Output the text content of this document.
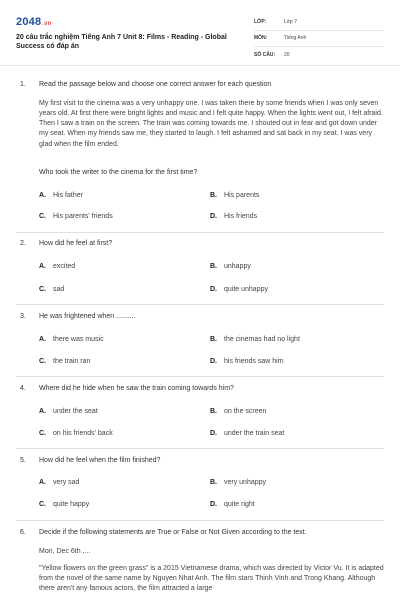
2048.vn
20 câu trắc nghiệm Tiếng Anh 7 Unit 8: Films - Reading - Global Success có đáp án
LỚP:	Lớp 7
MÔN:	Tiếng Anh
SỐ CÂU:	20
1. Read the passage below and choose one correct answer for each question
My first visit to the cinema was a very unhappy one. I was taken there by some friends when I was only seven years old. At first there were bright lights and music and I felt quite happy. When the lights went out, I felt afraid. Then I saw a train on the screen. The train was coming towards me. I shouted out in fear and got down under my seat. When my friends saw me, they started to laugh. I felt ashamed and sat back in my seat. I was very glad when the film ended.
Who took the writer to the cinema for the first time?
A.	His father	B.	His parents
C.	His parents' friends	D.	His friends
2. How did he feel at first?
A.	excited	B.	unhappy
C.	sad	D.	quite unhappy
3. He was frightened when ..........
A.	there was music	B.	the cinemas had no light
C.	the train ran	D.	his friends saw him
4. Where did he hide when he saw the train coming towards him?
A.	under the seat	B.	on the screen
C.	on his friends' back	D.	under the train seat
5. How did he feel when the film finished?
A.	very sad	B.	very unhappy
C.	quite happy	D.	quite right
6. Decide if the following statements are True or False or Not Given according to the text.
Mon, Dec 6th ,...
"Yellow flowers on the green grass" is a 2015 Vietnamese drama, which was directed by Victor Vu. It is adapted from the novel of the same name by Nguyen Nhat Anh. The film stars Thinh Vinh and Trong Khang. Although there aren't any famous actors, the film attracted a large
